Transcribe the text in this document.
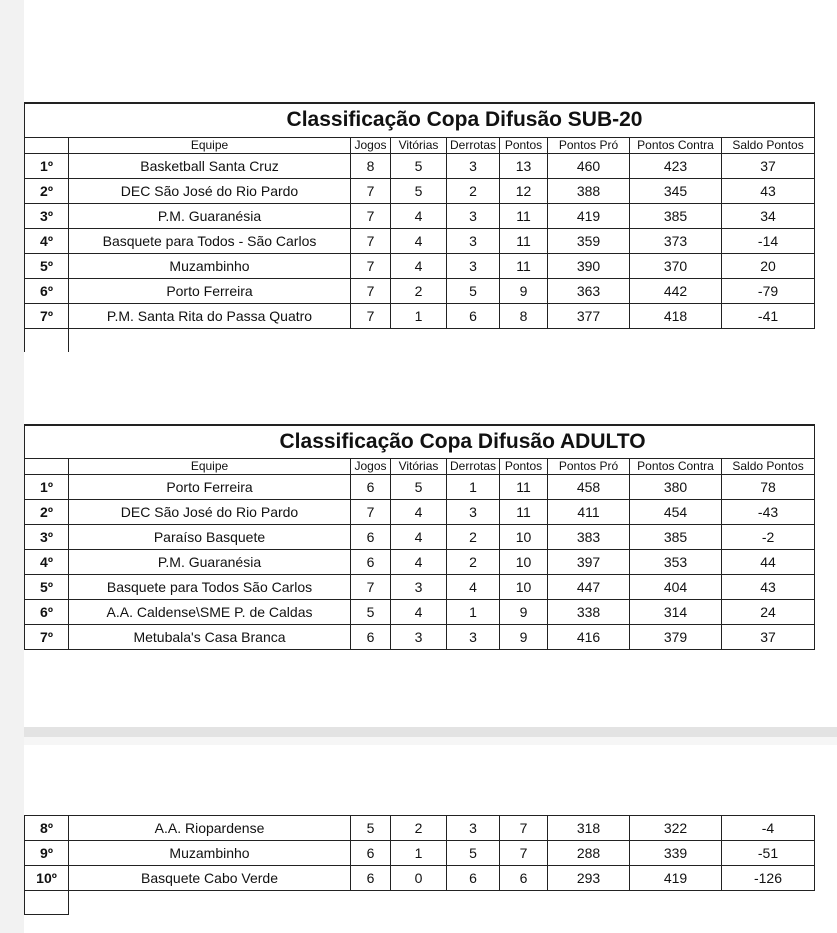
Classificação Copa Difusão SUB-20								
	Equipe	Jogos	Vitórias	Derrotas	Pontos	Pontos Pró	Pontos Contra	Saldo Pontos
1º	Basketball Santa Cruz	8	5	3	13	460	423	37
2º	DEC São José do Rio Pardo	7	5	2	12	388	345	43
3º	P.M. Guaranésia	7	4	3	11	419	385	34
4º	Basquete para Todos - São Carlos	7	4	3	11	359	373	-14
5º	Muzambinho	7	4	3	11	390	370	20
6º	Porto Ferreira	7	2	5	9	363	442	-79
7º	P.M. Santa Rita do Passa Quatro	7	1	6	8	377	418	-41

Classificação Copa Difusão ADULTO								
	Equipe	Jogos	Vitórias	Derrotas	Pontos	Pontos Pró	Pontos Contra	Saldo Pontos
1º	Porto Ferreira	6	5	1	11	458	380	78
2º	DEC São José do Rio Pardo	7	4	3	11	411	454	-43
3º	Paraíso Basquete	6	4	2	10	383	385	-2
4º	P.M. Guaranésia	6	4	2	10	397	353	44
5º	Basquete para Todos São Carlos	7	3	4	10	447	404	43
6º	A.A. Caldense\SME P. de Caldas	5	4	1	9	338	314	24
7º	Metubala's Casa Branca	6	3	3	9	416	379	37
8º	A.A. Riopardense	5	2	3	7	318	322	-4
9º	Muzambinho	6	1	5	7	288	339	-51
10º	Basquete Cabo Verde	6	0	6	6	293	419	-126
